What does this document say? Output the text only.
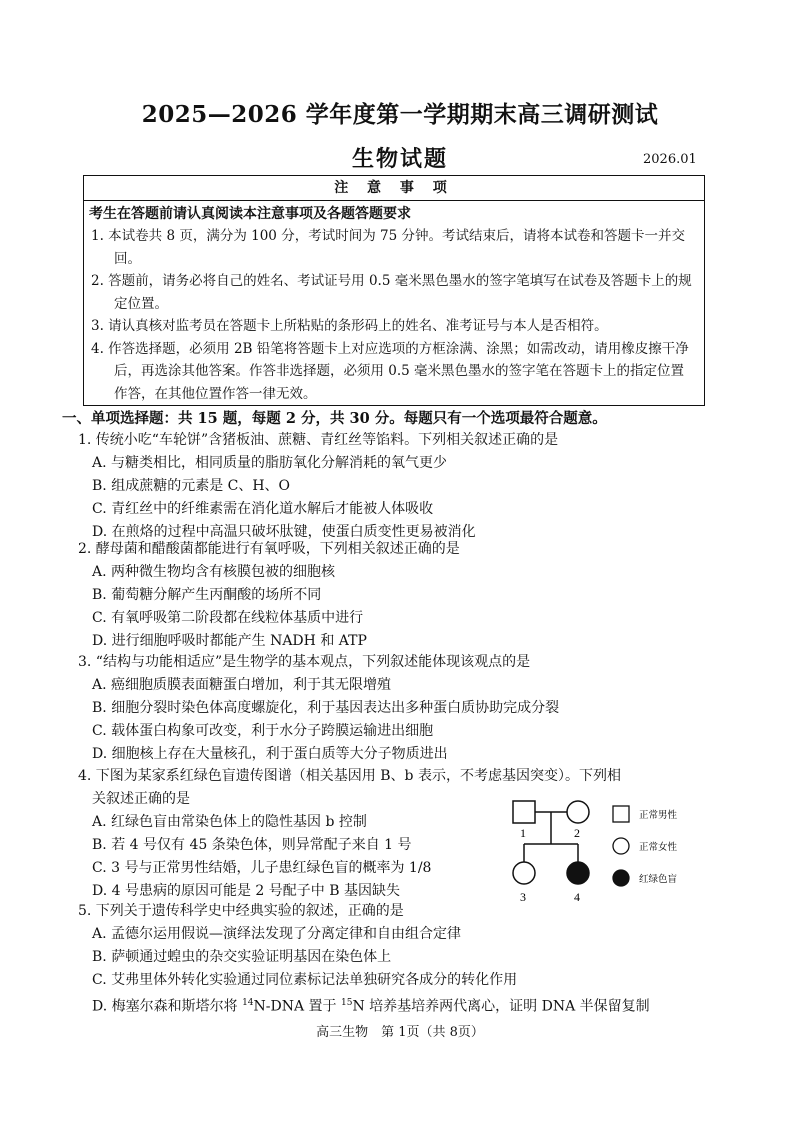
2025—2026 学年度第一学期期末高三调研测试
生物试题	2026.01
注 意 事 项
考生在答题前请认真阅读本注意事项及各题答题要求
1. 本试卷共 8 页，满分为 100 分，考试时间为 75 分钟。考试结束后，请将本试卷和答题卡一并交回。
2. 答题前，请务必将自己的姓名、考试证号用 0.5 毫米黑色墨水的签字笔填写在试卷及答题卡上的规定位置。
3. 请认真核对监考员在答题卡上所粘贴的条形码上的姓名、准考证号与本人是否相符。
4. 作答选择题，必须用 2B 铅笔将答题卡上对应选项的方框涂满、涂黑；如需改动，请用橡皮擦干净后，再选涂其他答案。作答非选择题，必须用 0.5 毫米黑色墨水的签字笔在答题卡上的指定位置作答，在其他位置作答一律无效。
一、单项选择题：共 15 题，每题 2 分，共 30 分。每题只有一个选项最符合题意。
1. 传统小吃“车轮饼”含猪板油、蔗糖、青红丝等馅料。下列相关叙述正确的是
A. 与糖类相比，相同质量的脂肪氧化分解消耗的氧气更少
B. 组成蔗糖的元素是 C、H、O
C. 青红丝中的纤维素需在消化道水解后才能被人体吸收
D. 在煎烙的过程中高温只破坏肽键，使蛋白质变性更易被消化
2. 酵母菌和醋酸菌都能进行有氧呼吸，下列相关叙述正确的是
A. 两种微生物均含有核膜包被的细胞核
B. 葡萄糖分解产生丙酮酸的场所不同
C. 有氧呼吸第二阶段都在线粒体基质中进行
D. 进行细胞呼吸时都能产生 NADH 和 ATP
3. “结构与功能相适应”是生物学的基本观点，下列叙述能体现该观点的是
A. 癌细胞质膜表面糖蛋白增加，利于其无限增殖
B. 细胞分裂时染色体高度螺旋化，利于基因表达出多种蛋白质协助完成分裂
C. 载体蛋白构象可改变，利于水分子跨膜运输进出细胞
D. 细胞核上存在大量核孔，利于蛋白质等大分子物质进出
4. 下图为某家系红绿色盲遗传图谱（相关基因用 B、b 表示，不考虑基因突变）。下列相
关叙述正确的是
A. 红绿色盲由常染色体上的隐性基因 b 控制
B. 若 4 号仅有 45 条染色体，则异常配子来自 1 号
C. 3 号与正常男性结婚，儿子患红绿色盲的概率为 1/8
D. 4 号患病的原因可能是 2 号配子中 B 基因缺失
1	2
3	4
正常男性
正常女性
红绿色盲
5. 下列关于遗传科学史中经典实验的叙述，正确的是
A. 孟德尔运用假说—演绎法发现了分离定律和自由组合定律
B. 萨顿通过蝗虫的杂交实验证明基因在染色体上
C. 艾弗里体外转化实验通过同位素标记法单独研究各成分的转化作用
D. 梅塞尔森和斯塔尔将 $^{14}$N-DNA 置于 $^{15}$N 培养基培养两代离心，证明 DNA 半保留复制
高三生物　第 1页（共 8页）
